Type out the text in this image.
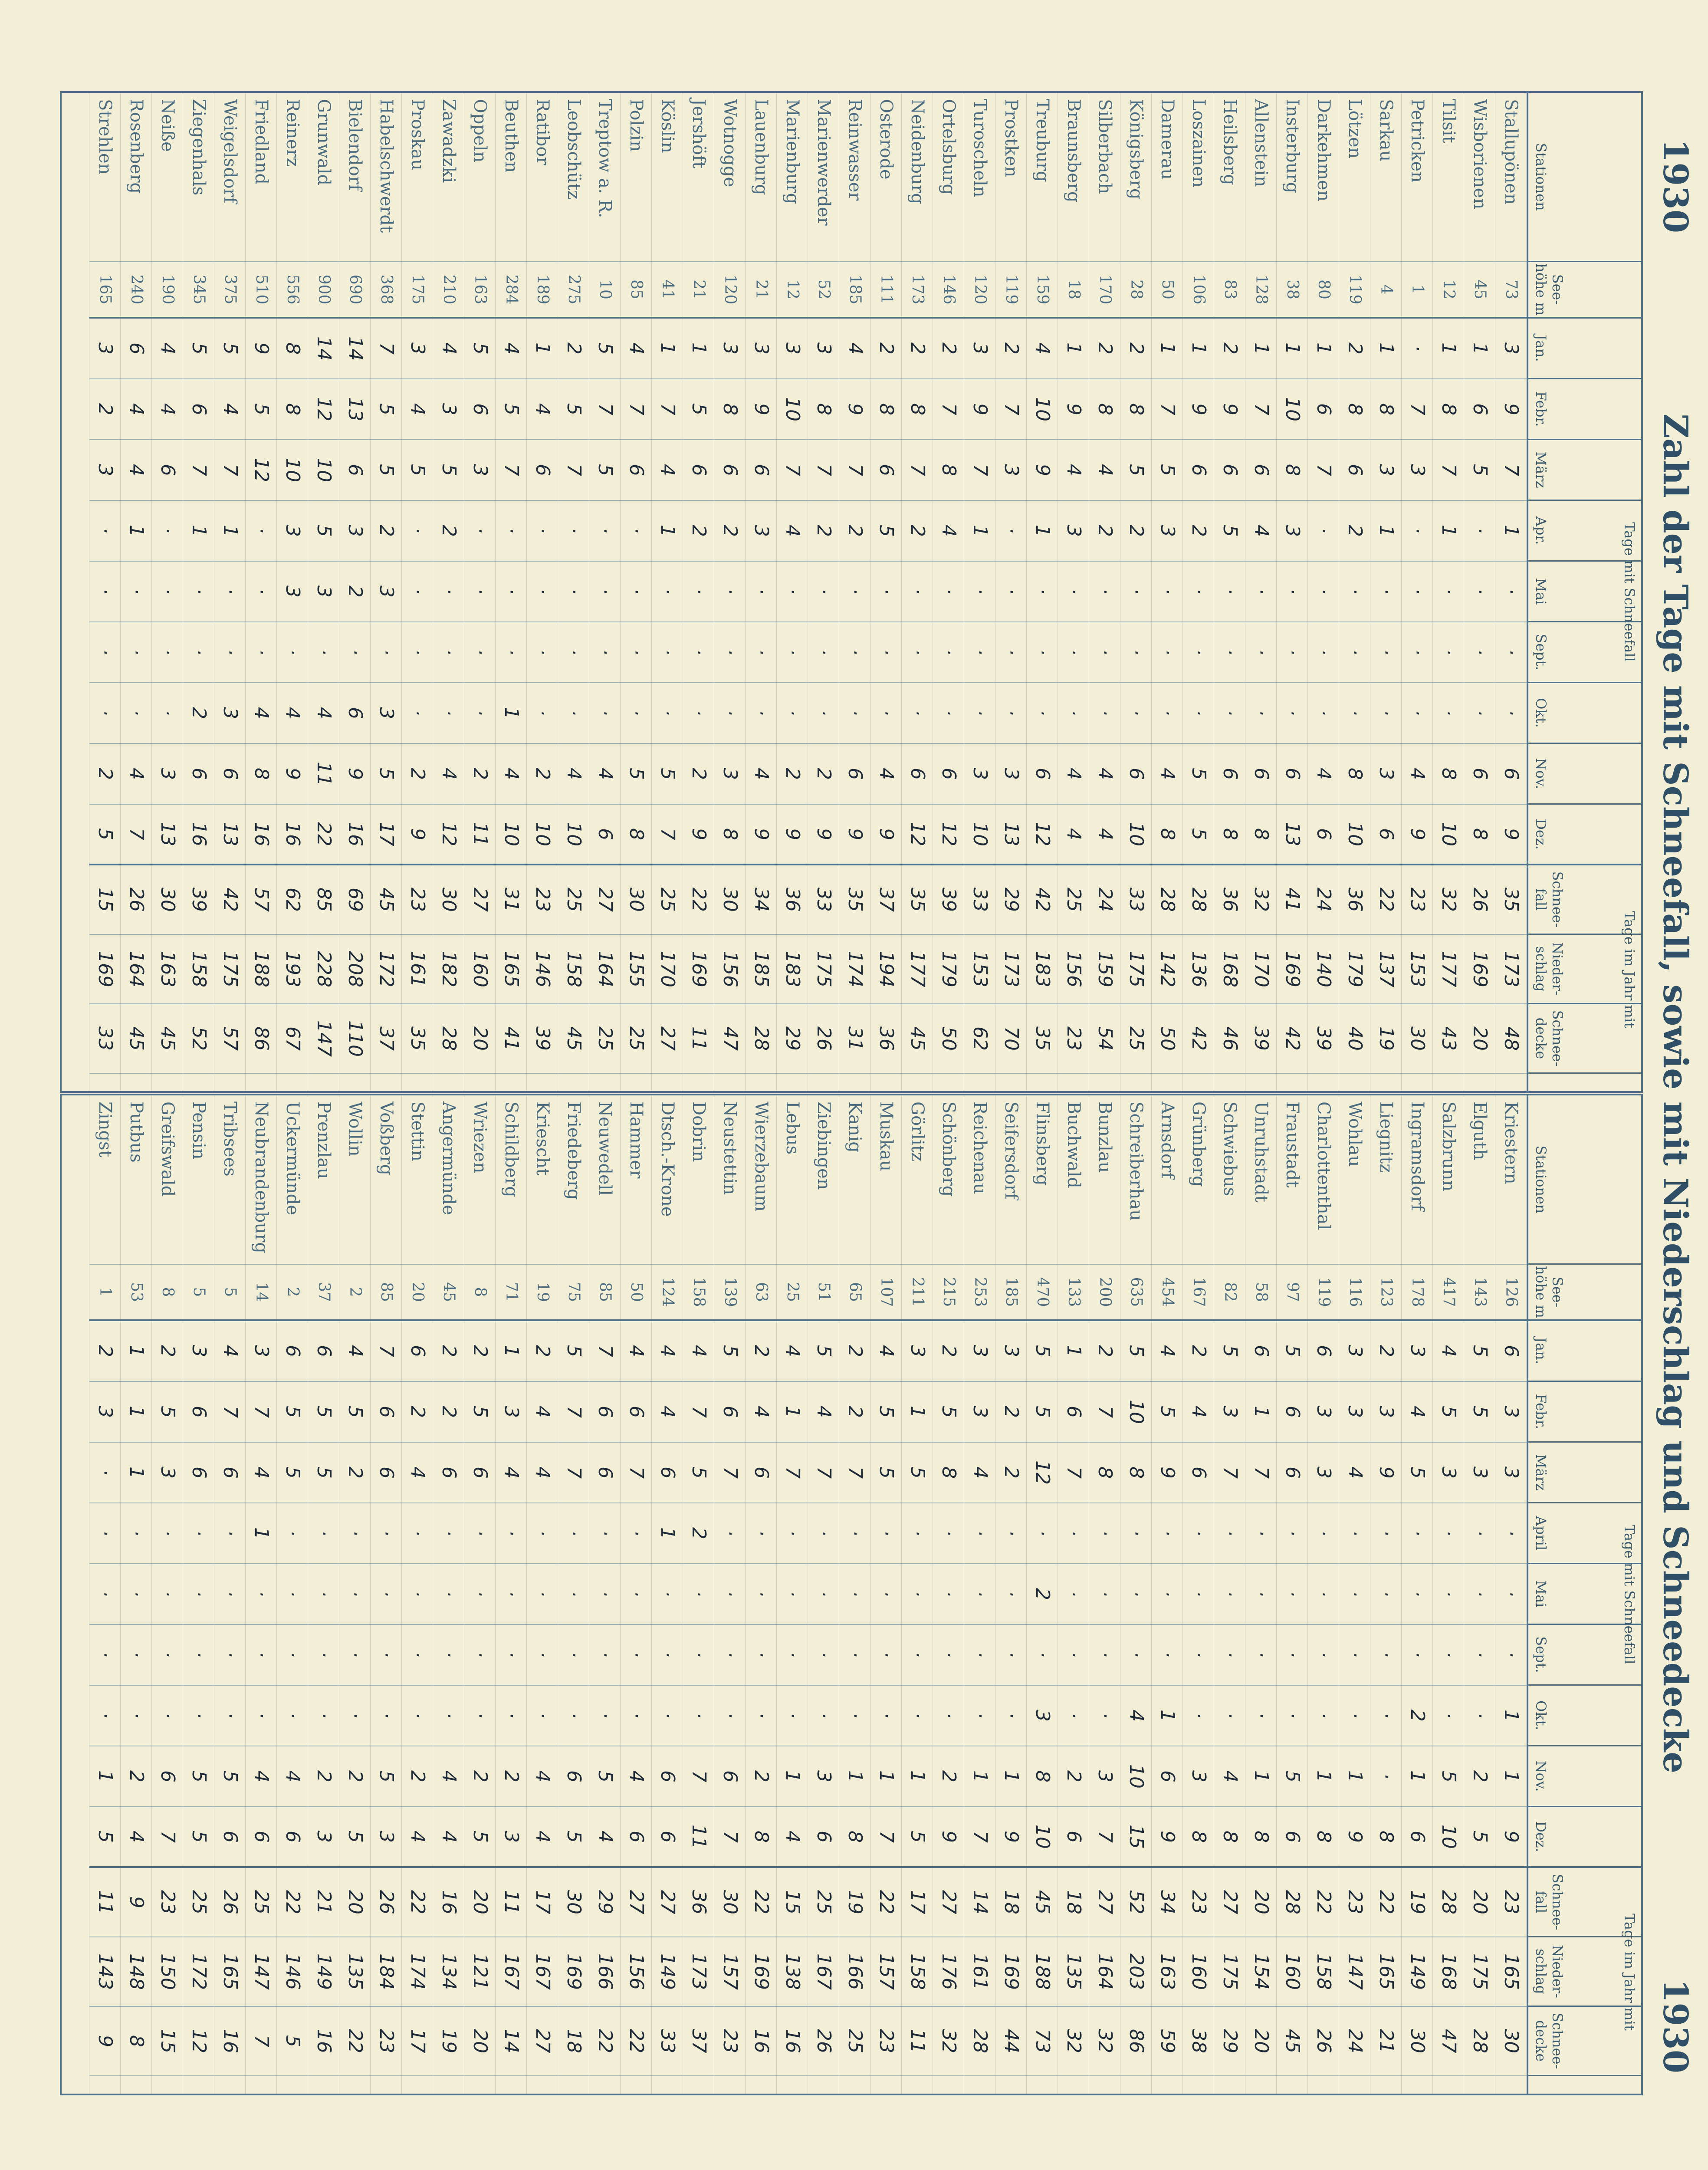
1930
Zahl der Tage mit Schneefall, sowie mit Niederschlag und Schneedecke
1930
Stationen
See-höhe m
Jan.
Febr.
März
Apr.
Mai
Sept.
Okt.
Nov.
Dez.
Schnee-fall
Nieder-schlag
Schnee-decke
Tage mit Schneefall
Tage im Jahr mit
Stallupönen
73
3
9
7
1
·
·
·
6
9
35
173
48
Wisborienen
45
1
6
5
·
·
·
·
6
8
26
169
20
Tilsit
12
1
8
7
1
·
·
·
8
10
32
177
43
Petricken
1
·
7
3
·
·
·
·
4
9
23
153
30
Sarkau
4
1
8
3
1
·
·
·
3
6
22
137
19
Lötzen
119
2
8
6
2
·
·
·
8
10
36
179
40
Darkehmen
80
1
6
7
·
·
·
·
4
6
24
140
39
Insterburg
38
1
10
8
3
·
·
·
6
13
41
169
42
Allenstein
128
1
7
6
4
·
·
·
6
8
32
170
39
Heilsberg
83
2
9
6
5
·
·
·
6
8
36
168
46
Loszainen
106
1
9
6
2
·
·
·
5
5
28
136
42
Damerau
50
1
7
5
3
·
·
·
4
8
28
142
50
Königsberg
28
2
8
5
2
·
·
·
6
10
33
175
25
Silberbach
170
2
8
4
2
·
·
·
4
4
24
159
54
Braunsberg
18
1
9
4
3
·
·
·
4
4
25
156
23
Treuburg
159
4
10
9
1
·
·
·
6
12
42
183
35
Prostken
119
2
7
3
·
·
·
·
3
13
29
173
70
Turoscheln
120
3
9
7
1
·
·
·
3
10
33
153
62
Ortelsburg
146
2
7
8
4
·
·
·
6
12
39
179
50
Neidenburg
173
2
8
7
2
·
·
·
6
12
35
177
45
Osterode
111
2
8
6
5
·
·
·
4
9
37
194
36
Reinwasser
185
4
9
7
2
·
·
·
6
9
35
174
31
Marienwerder
52
3
8
7
2
·
·
·
2
9
33
175
26
Marienburg
12
3
10
7
4
·
·
·
2
9
36
183
29
Lauenburg
21
3
9
6
3
·
·
·
4
9
34
185
28
Wotnogge
120
3
8
6
2
·
·
·
3
8
30
156
47
Jershöft
21
1
5
6
2
·
·
·
2
9
22
169
11
Köslin
41
1
7
4
1
·
·
·
5
7
25
170
27
Polzin
85
4
7
6
·
·
·
·
5
8
30
155
25
Treptow a. R.
10
5
7
5
·
·
·
·
4
6
27
164
25
Leobschütz
275
2
5
7
·
·
·
·
4
10
25
158
45
Ratibor
189
1
4
6
·
·
·
·
2
10
23
146
39
Beuthen
284
4
5
7
·
·
·
1
4
10
31
165
41
Oppeln
163
5
6
3
·
·
·
·
2
11
27
160
20
Zawadzki
210
4
3
5
2
·
·
·
4
12
30
182
28
Proskau
175
3
4
5
·
·
·
·
2
9
23
161
35
Habelschwerdt
368
7
5
5
2
3
·
3
5
17
45
172
37
Bielendorf
690
14
13
6
3
2
·
6
9
16
69
208
110
Grunwald
900
14
12
10
5
3
·
4
11
22
85
228
147
Reinerz
556
8
8
10
3
3
·
4
9
16
62
193
67
Friedland
510
9
5
12
·
·
·
4
8
16
57
188
86
Weigelsdorf
375
5
4
7
1
·
·
3
6
13
42
175
57
Ziegenhals
345
5
6
7
1
·
·
2
6
16
39
158
52
Neiße
190
4
4
6
·
·
·
·
3
13
30
163
45
Rosenberg
240
6
4
4
1
·
·
·
4
7
26
164
45
Strehlen
165
3
2
3
·
·
·
·
2
5
15
169
33
Stationen
See-höhe m
Jan.
Febr.
März
April
Mai
Sept.
Okt.
Nov.
Dez.
Schnee-fall
Nieder-schlag
Schnee-decke
Tage mit Schneefall
Tage im Jahr mit
Kriestern
126
6
3
3
·
·
·
1
1
9
23
165
30
Elguth
143
5
5
3
·
·
·
·
2
5
20
175
28
Salzbrunn
417
4
5
3
·
·
·
·
5
10
28
168
47
Ingramsdorf
178
3
4
5
·
·
·
2
1
6
19
149
30
Liegnitz
123
2
3
9
·
·
·
·
·
8
22
165
21
Wohlau
116
3
3
4
·
·
·
·
1
9
23
147
24
Charlottenthal
119
6
3
3
·
·
·
·
1
8
22
158
26
Fraustadt
97
5
6
6
·
·
·
·
5
6
28
160
45
Unruhstadt
58
6
1
7
·
·
·
·
1
8
20
154
20
Schwiebus
82
5
3
7
·
·
·
·
4
8
27
175
29
Grünberg
167
2
4
6
·
·
·
·
3
8
23
160
38
Arnsdorf
454
4
5
9
·
·
·
1
6
9
34
163
59
Schreiberhau
635
5
10
8
·
·
·
4
10
15
52
203
86
Bunzlau
200
2
7
8
·
·
·
·
3
7
27
164
32
Buchwald
133
1
6
7
·
·
·
·
2
6
18
135
32
Flinsberg
470
5
5
12
·
2
·
3
8
10
45
188
73
Seifersdorf
185
3
2
2
·
·
·
·
1
9
18
169
44
Reichenau
253
3
3
4
·
·
·
·
1
7
14
161
28
Schönberg
215
2
5
8
·
·
·
·
2
9
27
176
32
Görlitz
211
3
1
5
·
·
·
·
1
5
17
158
11
Muskau
107
4
5
5
·
·
·
·
1
7
22
157
23
Kanig
65
2
2
7
·
·
·
·
1
8
19
166
25
Ziebingen
51
5
4
7
·
·
·
·
3
6
25
167
26
Lebus
25
4
1
7
·
·
·
·
1
4
15
138
16
Wierzebaum
63
2
4
6
·
·
·
·
2
8
22
169
16
Neustettin
139
5
6
7
·
·
·
·
6
7
30
157
23
Dobrin
158
4
7
5
2
·
·
·
7
11
36
173
37
Dtsch.-Krone
124
4
4
6
1
·
·
·
6
6
27
149
33
Hammer
50
4
6
7
·
·
·
·
4
6
27
156
22
Neuwedell
85
7
6
6
·
·
·
·
5
4
29
166
22
Friedeberg
75
5
7
7
·
·
·
·
6
5
30
169
18
Kriescht
19
2
4
4
·
·
·
·
4
4
17
167
27
Schildberg
71
1
3
4
·
·
·
·
2
3
11
167
14
Wriezen
8
2
5
6
·
·
·
·
2
5
20
121
20
Angermünde
45
2
2
6
·
·
·
·
4
4
16
134
19
Stettin
20
6
2
4
·
·
·
·
2
4
22
174
17
Voßberg
85
7
6
6
·
·
·
·
5
3
26
184
23
Wollin
2
4
5
2
·
·
·
·
2
5
20
135
22
Prenzlau
37
6
5
5
·
·
·
·
2
3
21
149
16
Uckermünde
2
6
5
5
·
·
·
·
4
6
22
146
5
Neubrandenburg
14
3
7
4
1
·
·
·
4
6
25
147
7
Tribsees
5
4
7
6
·
·
·
·
5
6
26
165
16
Pensin
5
3
6
6
·
·
·
·
5
5
25
172
12
Greifswald
8
2
5
3
·
·
·
·
6
7
23
150
15
Putbus
53
1
1
1
·
·
·
·
2
4
9
148
8
Zingst
1
2
3
·
·
·
·
·
1
5
11
143
9
